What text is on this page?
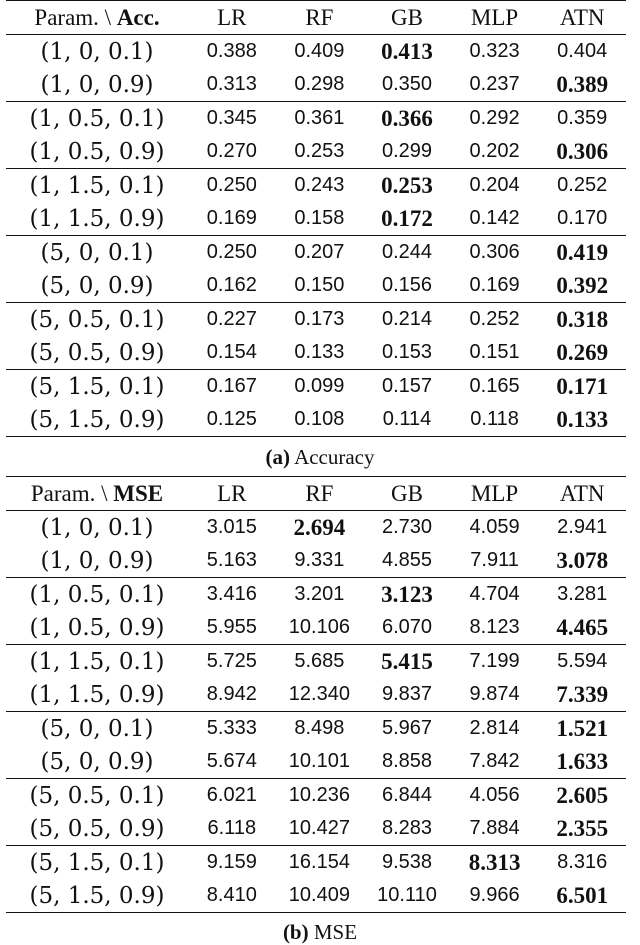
Param. \ Acc.	LR	RF	GB	MLP	ATN
(1, 0, 0.1)	0.388	0.409	0.413	0.323	0.404
(1, 0, 0.9)	0.313	0.298	0.350	0.237	0.389
(1, 0.5, 0.1)	0.345	0.361	0.366	0.292	0.359
(1, 0.5, 0.9)	0.270	0.253	0.299	0.202	0.306
(1, 1.5, 0.1)	0.250	0.243	0.253	0.204	0.252
(1, 1.5, 0.9)	0.169	0.158	0.172	0.142	0.170
(5, 0, 0.1)	0.250	0.207	0.244	0.306	0.419
(5, 0, 0.9)	0.162	0.150	0.156	0.169	0.392
(5, 0.5, 0.1)	0.227	0.173	0.214	0.252	0.318
(5, 0.5, 0.9)	0.154	0.133	0.153	0.151	0.269
(5, 1.5, 0.1)	0.167	0.099	0.157	0.165	0.171
(5, 1.5, 0.9)	0.125	0.108	0.114	0.118	0.133
(a) Accuracy
Param. \ MSE	LR	RF	GB	MLP	ATN
(1, 0, 0.1)	3.015	2.694	2.730	4.059	2.941
(1, 0, 0.9)	5.163	9.331	4.855	7.911	3.078
(1, 0.5, 0.1)	3.416	3.201	3.123	4.704	3.281
(1, 0.5, 0.9)	5.955	10.106	6.070	8.123	4.465
(1, 1.5, 0.1)	5.725	5.685	5.415	7.199	5.594
(1, 1.5, 0.9)	8.942	12.340	9.837	9.874	7.339
(5, 0, 0.1)	5.333	8.498	5.967	2.814	1.521
(5, 0, 0.9)	5.674	10.101	8.858	7.842	1.633
(5, 0.5, 0.1)	6.021	10.236	6.844	4.056	2.605
(5, 0.5, 0.9)	6.118	10.427	8.283	7.884	2.355
(5, 1.5, 0.1)	9.159	16.154	9.538	8.313	8.316
(5, 1.5, 0.9)	8.410	10.409	10.110	9.966	6.501
(b) MSE
